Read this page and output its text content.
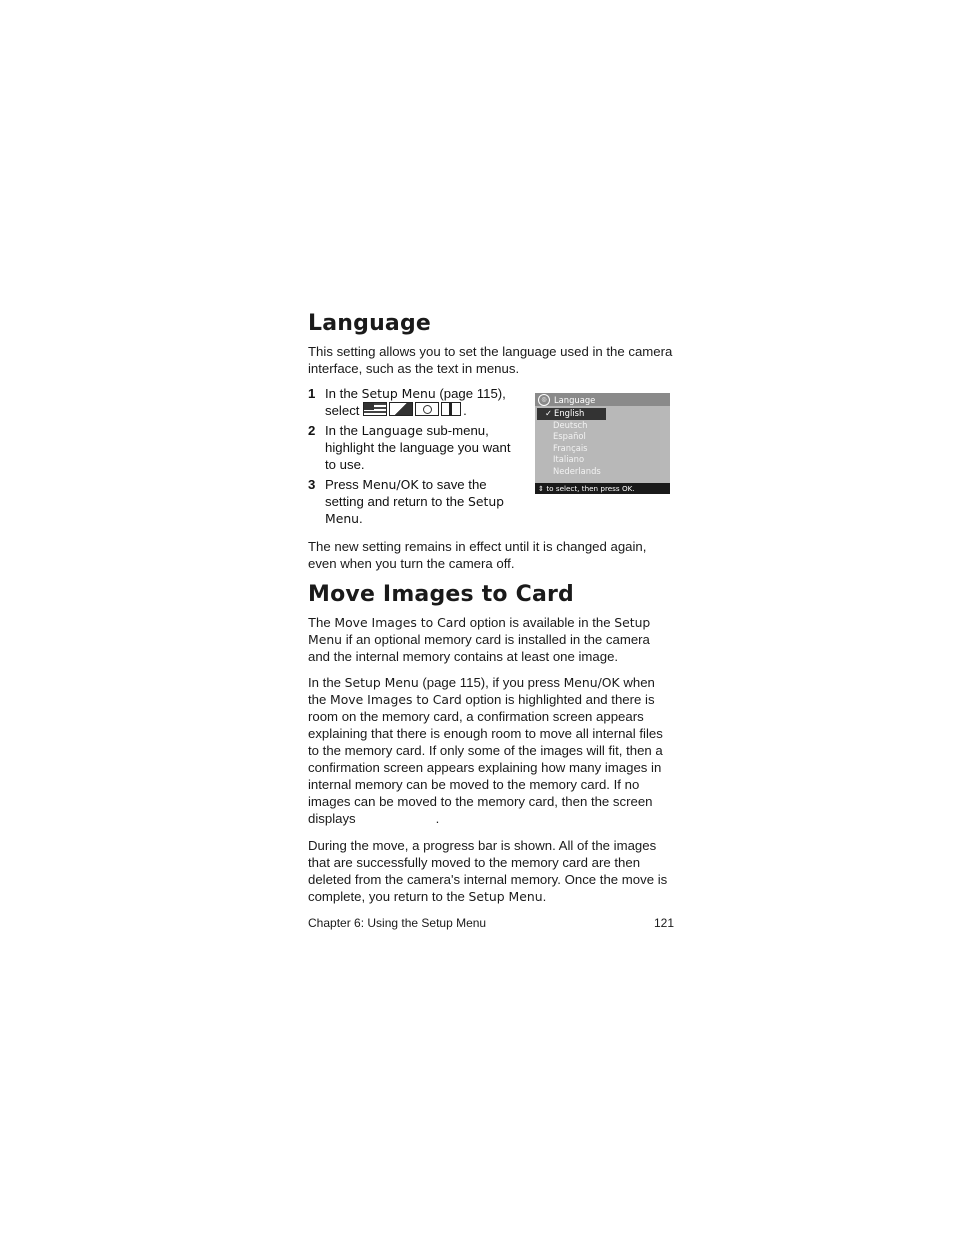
Language

This setting allows you to set the language used in the camera interface, such as the text in menus.

1 In the Setup Menu (page 115), select	.
2 In the Language sub-menu, highlight the language you want to use.
3 Press Menu/OK to save the setting and return to the Setup Menu.
◎ Language
✓ English
Deutsch
Español
Français
Italiano
Nederlands
⇕ to select, then press OK.

The new setting remains in effect until it is changed again, even when you turn the camera off.

Move Images to Card

The Move Images to Card option is available in the Setup Menu if an optional memory card is installed in the camera and the internal memory contains at least one image.

In the Setup Menu (page 115), if you press Menu/OK when the Move Images to Card option is highlighted and there is room on the memory card, a confirmation screen appears explaining that there is enough room to move all internal files to the memory card. If only some of the images will fit, then a confirmation screen appears explaining how many images in internal memory can be moved to the memory card. If no images can be moved to the memory card, then the screen displays	.

During the move, a progress bar is shown. All of the images that are successfully moved to the memory card are then deleted from the camera's internal memory. Once the move is complete, you return to the Setup Menu.

Chapter 6: Using the Setup Menu	121
